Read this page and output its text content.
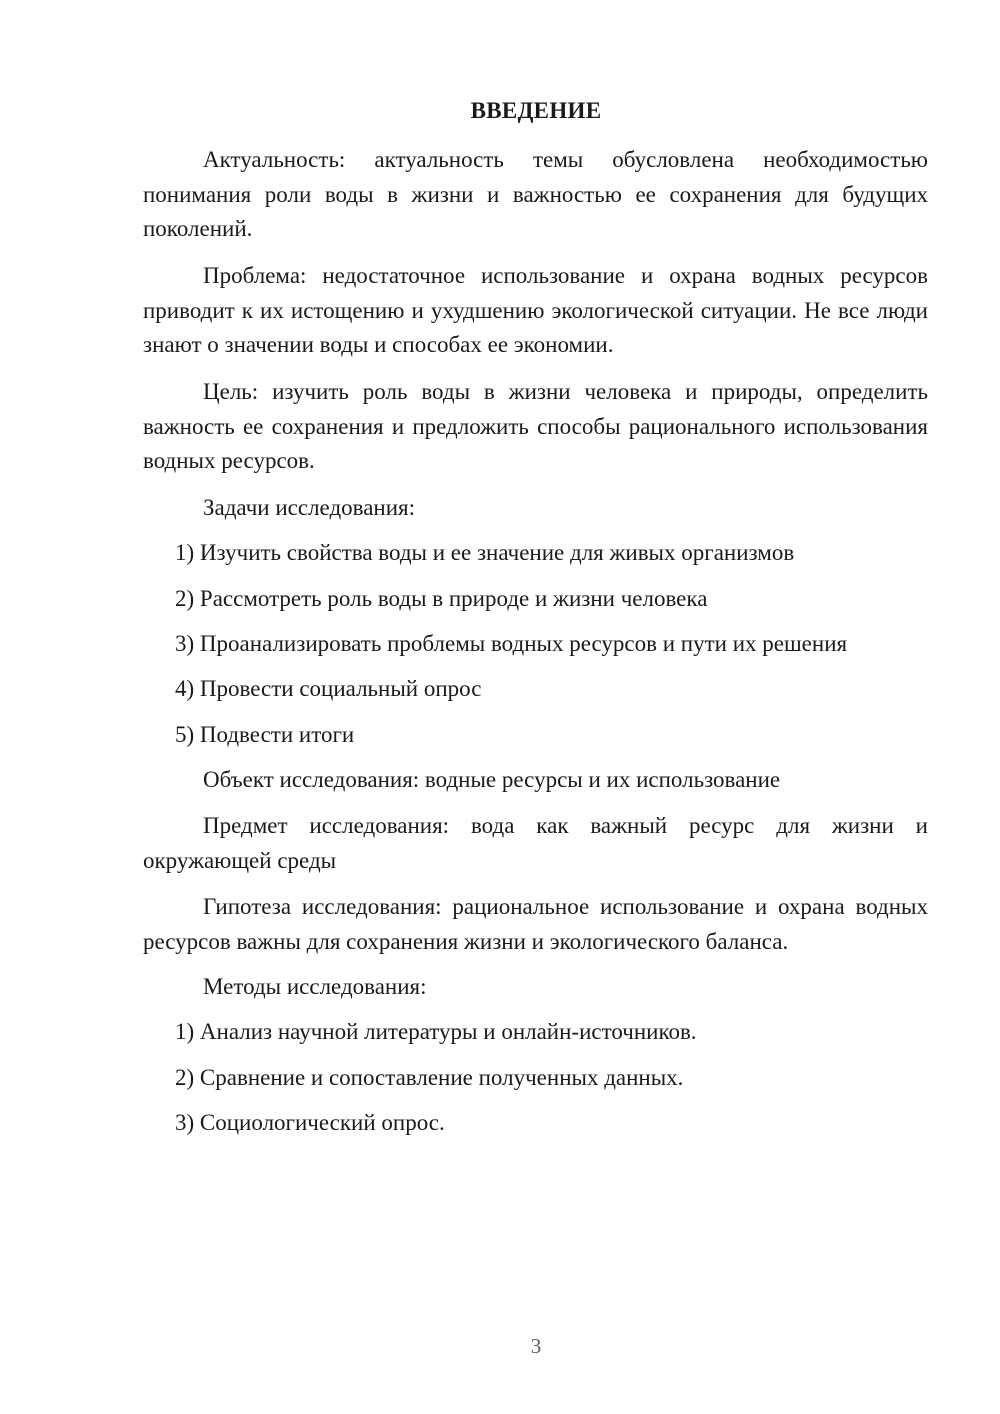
ВВЕДЕНИЕ

Актуальность: актуальность темы обусловлена необходимостью понимания роли воды в жизни и важностью ее сохранения для будущих поколений.

Проблема: недостаточное использование и охрана водных ресурсов приводит к их истощению и ухудшению экологической ситуации. Не все люди знают о значении воды и способах ее экономии.

Цель: изучить роль воды в жизни человека и природы, определить важность ее сохранения и предложить способы рационального использования водных ресурсов.

Задачи исследования:

1) Изучить свойства воды и ее значение для живых организмов

2) Рассмотреть роль воды в природе и жизни человека

3) Проанализировать проблемы водных ресурсов и пути их решения

4) Провести социальный опрос

5) Подвести итоги

Объект исследования: водные ресурсы и их использование

Предмет исследования: вода как важный ресурс для жизни и окружающей среды

Гипотеза исследования: рациональное использование и охрана водных ресурсов важны для сохранения жизни и экологического баланса.

Методы исследования:

1) Анализ научной литературы и онлайн-источников.

2) Сравнение и сопоставление полученных данных.

3) Социологический опрос.

3
